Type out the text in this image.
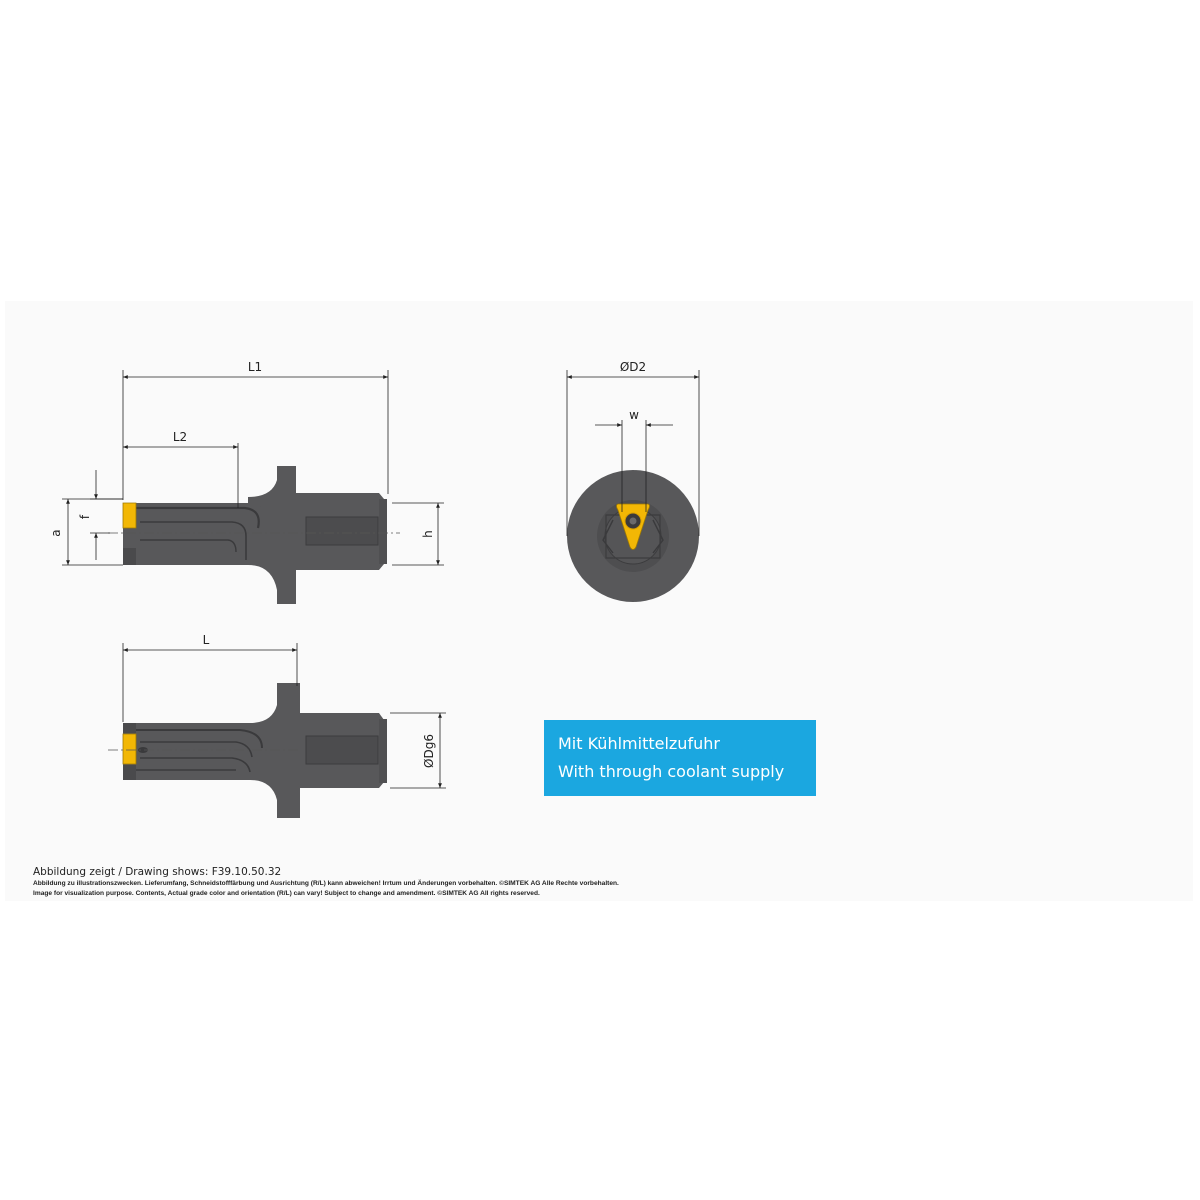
L1
L2
a
f
h
L
ØDg6
ØD2
w
Mit Kühlmittelzufuhr
With through coolant supply
Abbildung zeigt / Drawing shows: F39.10.50.32
Abbildung zu illustrationszwecken. Lieferumfang, Schneidstofffärbung und Ausrichtung (R/L) kann abweichen! Irrtum und Änderungen vorbehalten. ©SIMTEK AG Alle Rechte vorbehalten.
Image for visualization purpose. Contents, Actual grade color and orientation (R/L) can vary! Subject to change and amendment. ©SIMTEK AG All rights reserved.
